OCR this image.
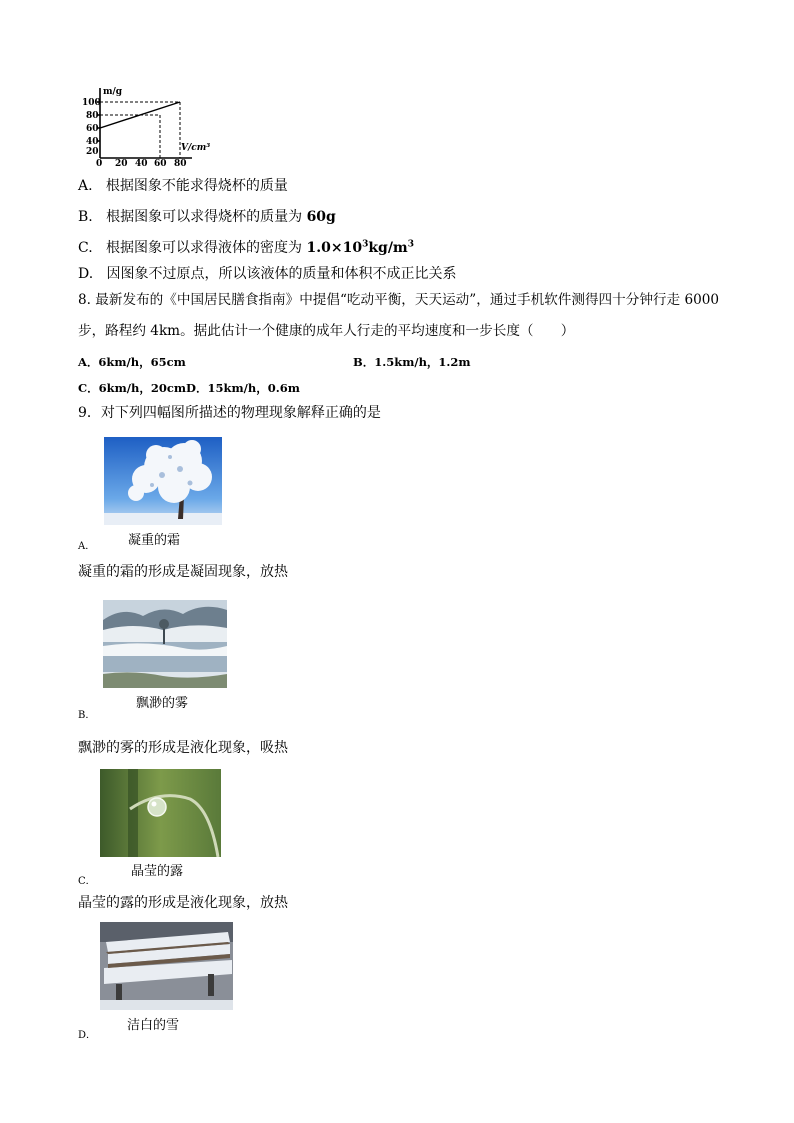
m/g
V/cm³
100
80
60
40
20
0 20 40 60 80
A. 根据图象不能求得烧杯的质量
B. 根据图象可以求得烧杯的质量为 60g
C. 根据图象可以求得液体的密度为 $1.0\times 10^3kg/m^3$
D. 因图象不过原点，所以该液体的质量和体积不成正比关系
8. 最新发布的《中国居民膳食指南》中提倡“吃动平衡，天天运动”，通过手机软件测得四十分钟行走 6000
步，路程约 4km。据此估计一个健康的成年人行走的平均速度和一步长度（　　）
A．6km/h，65cm	B．1.5km/h，1.2m
C．6km/h，20cmD．15km/h，0.6m
9．对下列四幅图所描述的物理现象解释正确的是
A．	凝重的霜
凝重的霜的形成是凝固现象，放热
B．
飘渺的雾
飘渺的雾的形成是液化现象，吸热
C．
晶莹的露
晶莹的露的形成是液化现象，放热
D．
洁白的雪
